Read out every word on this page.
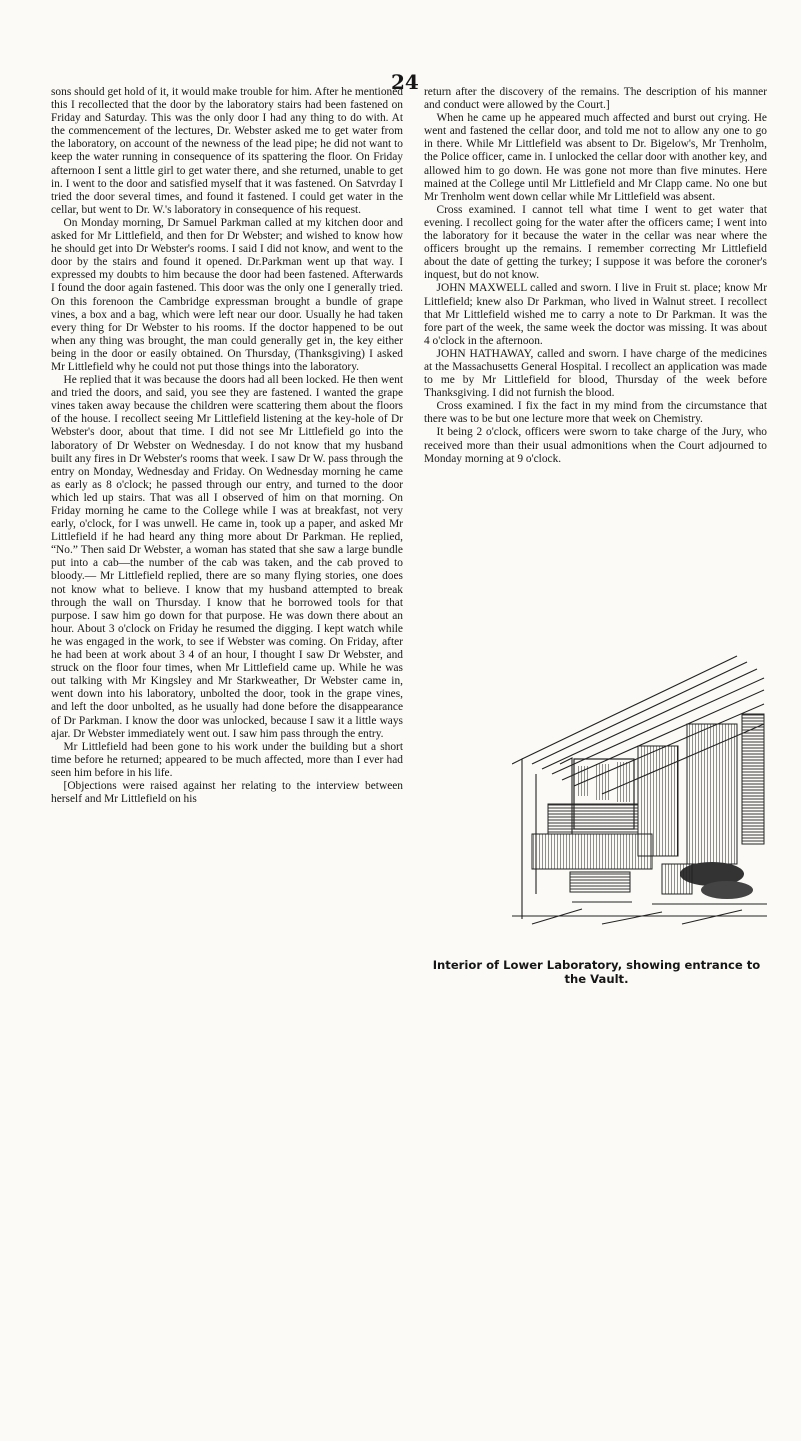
24

sons should get hold of it, it would make trouble for him. After he mentioned this I recollected that the door by the laboratory stairs had been fastened on Friday and Saturday. This was the only door I had any thing to do with. At the commencement of the lectures, Dr. Webster asked me to get water from the laboratory, on account of the newness of the lead pipe; he did not want to keep the water running in consequence of its spattering the floor. On Friday afternoon I sent a little girl to get water there, and she returned, unable to get in. I went to the door and satisfied myself that it was fastened. On Satvrday I tried the door several times, and found it fastened. I could get water in the cellar, but went to Dr. W.'s laboratory in consequence of his request.

On Monday morning, Dr Samuel Parkman called at my kitchen door and asked for Mr Littlefield, and then for Dr Webster; and wished to know how he should get into Dr Webster's rooms. I said I did not know, and went to the door by the stairs and found it opened. Dr.Parkman went up that way. I expressed my doubts to him because the door had been fastened. Afterwards I found the door again fastened. This door was the only one I generally tried. On this forenoon the Cambridge expressman brought a bundle of grape vines, a box and a bag, which were left near our door. Usually he had taken every thing for Dr Webster to his rooms. If the doctor happened to be out when any thing was brought, the man could generally get in, the key either being in the door or easily obtained. On Thursday, (Thanksgiving) I asked Mr Littlefield why he could not put those things into the laboratory.

He replied that it was because the doors had all been locked. He then went and tried the doors, and said, you see they are fastened. I wanted the grape vines taken away because the children were scattering them about the floors of the house. I recollect seeing Mr Littlefield listening at the key-hole of Dr Webster's door, about that time. I did not see Mr Littlefield go into the laboratory of Dr Webster on Wednesday. I do not know that my husband built any fires in Dr Webster's rooms that week. I saw Dr W. pass through the entry on Monday, Wednesday and Friday. On Wednesday morning he came as early as 8 o'clock; he passed through our entry, and turned to the door which led up stairs. That was all I observed of him on that morning. On Friday morning he came to the College while I was at breakfast, not very early, o'clock, for I was unwell. He came in, took up a paper, and asked Mr Littlefield if he had heard any thing more about Dr Parkman. He replied, “No.” Then said Dr Webster, a woman has stated that she saw a large bundle put into a cab—the number of the cab was taken, and the cab proved to bloody.— Mr Littlefield replied, there are so many flying stories, one does not know what to believe. I know that my husband attempted to break through the wall on Thursday. I know that he borrowed tools for that purpose. I saw him go down for that purpose. He was down there about an hour. About 3 o'clock on Friday he resumed the digging. I kept watch while he was engaged in the work, to see if Webster was coming. On Friday, after he had been at work about 3 4 of an hour, I thought I saw Dr Webster, and struck on the floor four times, when Mr Littlefield came up. While he was out talking with Mr Kingsley and Mr Starkweather, Dr Webster came in, went down into his laboratory, unbolted the door, took in the grape vines, and left the door unbolted, as he usually had done before the disappearance of Dr Parkman. I know the door was unlocked, because I saw it a little ways ajar. Dr Webster immediately went out. I saw him pass through the entry.

Mr Littlefield had been gone to his work under the building but a short time before he returned; appeared to be much affected, more than I ever had seen him before in his life.

[Objections were raised against her relating to the interview between herself and Mr Littlefield on his

return after the discovery of the remains. The description of his manner and conduct were allowed by the Court.]

When he came up he appeared much affected and burst out crying. He went and fastened the cellar door, and told me not to allow any one to go in there. While Mr Littlefield was absent to Dr. Bigelow's, Mr Trenholm, the Police officer, came in. I unlocked the cellar door with another key, and allowed him to go down. He was gone not more than five minutes. Here mained at the College until Mr Littlefield and Mr Clapp came. No one but Mr Trenholm went down cellar while Mr Littlefield was absent.

Cross examined. I cannot tell what time I went to get water that evening. I recollect going for the water after the officers came; I went into the laboratory for it because the water in the cellar was near where the officers brought up the remains. I remember correcting Mr Littlefield about the date of getting the turkey; I suppose it was before the coroner's inquest, but do not know.

JOHN MAXWELL called and sworn. I live in Fruit st. place; know Mr Littlefield; knew also Dr Parkman, who lived in Walnut street. I recollect that Mr Littlefield wished me to carry a note to Dr Parkman. It was the fore part of the week, the same week the doctor was missing. It was about 4 o'clock in the afternoon.

JOHN HATHAWAY, called and sworn. I have charge of the medicines at the Massachusetts General Hospital. I recollect an application was made to me by Mr Littlefield for blood, Thursday of the week before Thanksgiving. I did not furnish the blood.

Cross examined. I fix the fact in my mind from the circumstance that there was to be but one lecture more that week on Chemistry.

It being 2 o'clock, officers were sworn to take charge of the Jury, who received more than their usual admonitions when the Court adjourned to Monday morning at 9 o'clock.

Interior of Lower Laboratory, showing entrance to the Vault.
